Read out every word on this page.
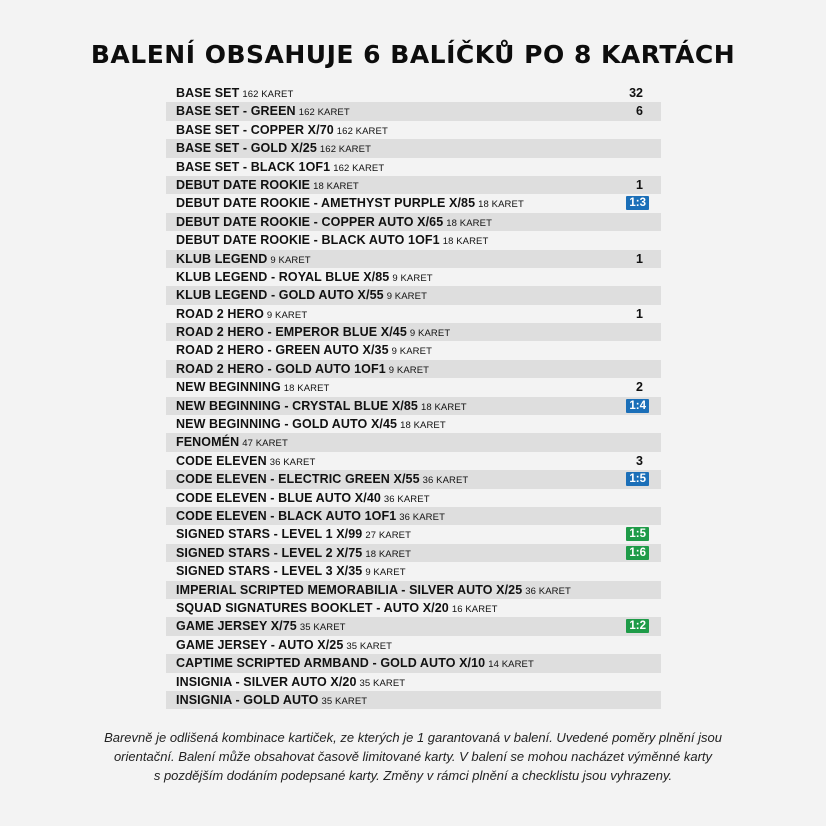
BALENÍ OBSAHUJE 6 BALÍČKŮ PO 8 KARTÁCH
BASE SET 162 KARET	32
BASE SET - GREEN 162 KARET	6
BASE SET - COPPER X/70 162 KARET
BASE SET - GOLD X/25 162 KARET
BASE SET - BLACK 1OF1 162 KARET
DEBUT DATE ROOKIE 18 KARET	1
DEBUT DATE ROOKIE - AMETHYST PURPLE X/85 18 KARET	1:3
DEBUT DATE ROOKIE - COPPER AUTO X/65 18 KARET
DEBUT DATE ROOKIE - BLACK AUTO 1OF1 18 KARET
KLUB LEGEND 9 KARET	1
KLUB LEGEND - ROYAL BLUE X/85 9 KARET
KLUB LEGEND - GOLD AUTO X/55 9 KARET
ROAD 2 HERO 9 KARET	1
ROAD 2 HERO - EMPEROR BLUE X/45 9 KARET
ROAD 2 HERO - GREEN AUTO X/35 9 KARET
ROAD 2 HERO - GOLD AUTO 1OF1 9 KARET
NEW BEGINNING 18 KARET	2
NEW BEGINNING - CRYSTAL BLUE X/85 18 KARET	1:4
NEW BEGINNING - GOLD AUTO X/45 18 KARET
FENOMÉN 47 KARET
CODE ELEVEN 36 KARET	3
CODE ELEVEN - ELECTRIC GREEN X/55 36 KARET	1:5
CODE ELEVEN - BLUE AUTO X/40 36 KARET
CODE ELEVEN - BLACK AUTO 1OF1 36 KARET
SIGNED STARS - LEVEL 1 X/99 27 KARET	1:5
SIGNED STARS - LEVEL 2 X/75 18 KARET	1:6
SIGNED STARS - LEVEL 3 X/35 9 KARET
IMPERIAL SCRIPTED MEMORABILIA - SILVER AUTO X/25 36 KARET
SQUAD SIGNATURES BOOKLET - AUTO X/20 16 KARET
GAME JERSEY X/75 35 KARET	1:2
GAME JERSEY - AUTO X/25 35 KARET
CAPTIME SCRIPTED ARMBAND - GOLD AUTO X/10 14 KARET
INSIGNIA - SILVER AUTO X/20 35 KARET
INSIGNIA - GOLD AUTO 35 KARET
Barevně je odlišená kombinace kartiček, ze kterých je 1 garantovaná v balení. Uvedené poměry plnění jsou
orientační. Balení může obsahovat časově limitované karty. V balení se mohou nacházet výměnné karty
s pozdějším dodáním podepsané karty. Změny v rámci plnění a checklistu jsou vyhrazeny.
